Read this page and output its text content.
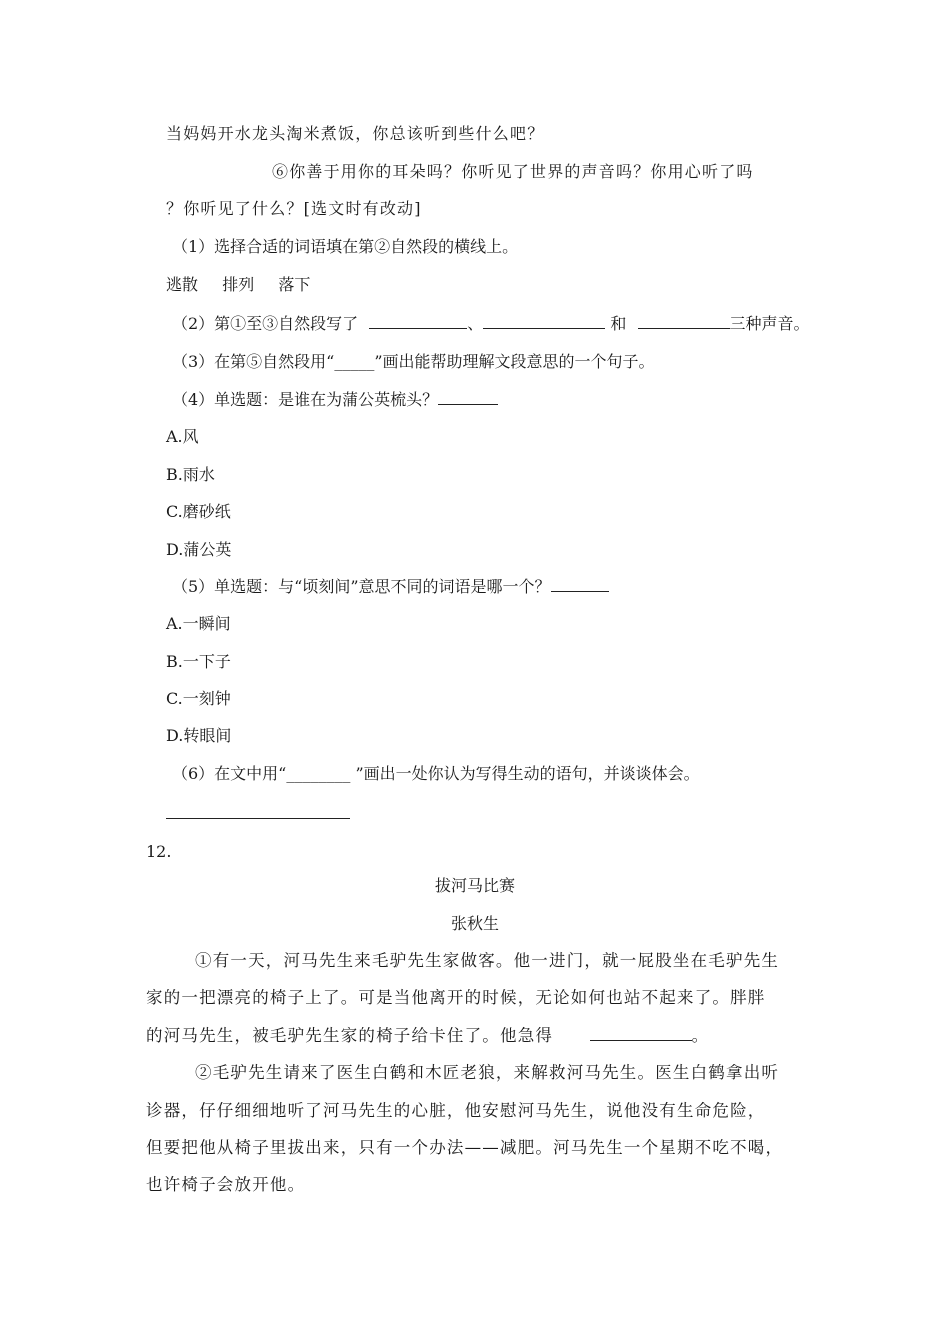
当妈妈开水龙头淘米煮饭，你总该听到些什么吧？
⑥你善于用你的耳朵吗？你听见了世界的声音吗？你用心听了吗
？你听见了什么？[选文时有改动]
（1）选择合适的词语填在第②自然段的横线上。
逃散 排列 落下
（2）第①至③自然段写了	、	和	三种声音。
（3）在第⑤自然段用“_____”画出能帮助理解文段意思的一个句子。
（4）单选题：是谁在为蒲公英梳头？
A.风
B.雨水
C.磨砂纸
D.蒲公英
（5）单选题：与“顷刻间”意思不同的词语是哪一个？
A.一瞬间
B.一下子
C.一刻钟
D.转眼间
（6）在文中用“________ ”画出一处你认为写得生动的语句，并谈谈体会。
12.
拔河马比赛
张秋生
①有一天，河马先生来毛驴先生家做客。他一进门，就一屁股坐在毛驴先生
家的一把漂亮的椅子上了。可是当他离开的时候，无论如何也站不起来了。胖胖
的河马先生，被毛驴先生家的椅子给卡住了。他急得	。
②毛驴先生请来了医生白鹤和木匠老狼，来解救河马先生。医生白鹤拿出听
诊器，仔仔细细地听了河马先生的心脏，他安慰河马先生，说他没有生命危险，
但要把他从椅子里拔出来，只有一个办法——减肥。河马先生一个星期不吃不喝，
也许椅子会放开他。
